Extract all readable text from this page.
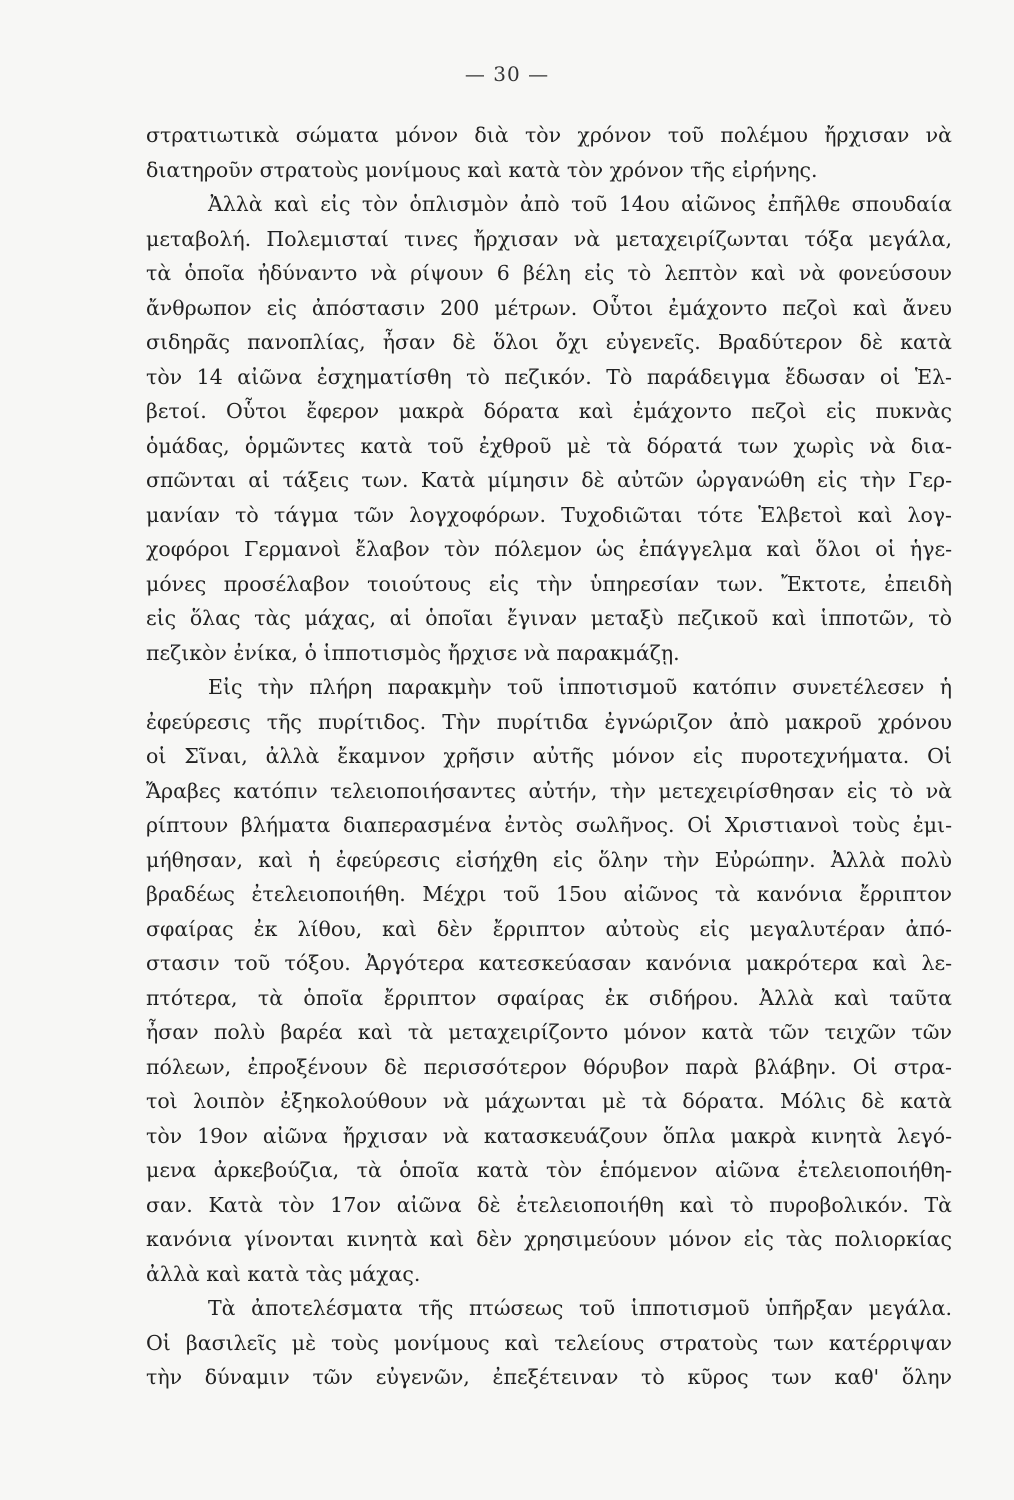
— 30 —
στρατιωτικὰ σώματα μόνον διὰ τὸν χρόνον τοῦ πολέμου ἤρχισαν νὰ
διατηροῦν στρατοὺς μονίμους καὶ κατὰ τὸν χρόνον τῆς εἰρήνης.
Ἀλλὰ καὶ εἰς τὸν ὁπλισμὸν ἀπὸ τοῦ 14ου αἰῶνος ἐπῆλθε σπουδαία
μεταβολή. Πολεμισταί τινες ἤρχισαν νὰ μεταχειρίζωνται τόξα μεγάλα,
τὰ ὁποῖα ἠδύναντο νὰ ρίψουν 6 βέλη εἰς τὸ λεπτὸν καὶ νὰ φονεύσουν
ἄνθρωπον εἰς ἀπόστασιν 200 μέτρων. Οὗτοι ἐμάχοντο πεζοὶ καὶ ἄνευ
σιδηρᾶς πανοπλίας, ἦσαν δὲ ὅλοι ὄχι εὐγενεῖς. Βραδύτερον δὲ κατὰ
τὸν 14 αἰῶνα ἐσχηματίσθη τὸ πεζικόν. Τὸ παράδειγμα ἔδωσαν οἱ Ἑλ-
βετοί. Οὗτοι ἔφερον μακρὰ δόρατα καὶ ἐμάχοντο πεζοὶ εἰς πυκνὰς
ὁμάδας, ὁρμῶντες κατὰ τοῦ ἐχθροῦ μὲ τὰ δόρατά των χωρὶς νὰ δια-
σπῶνται αἱ τάξεις των. Κατὰ μίμησιν δὲ αὐτῶν ὠργανώθη εἰς τὴν Γερ-
μανίαν τὸ τάγμα τῶν λογχοφόρων. Τυχοδιῶται τότε Ἑλβετοὶ καὶ λογ-
χοφόροι Γερμανοὶ ἔλαβον τὸν πόλεμον ὡς ἐπάγγελμα καὶ ὅλοι οἱ ἡγε-
μόνες προσέλαβον τοιούτους εἰς τὴν ὑπηρεσίαν των. Ἔκτοτε, ἐπειδὴ
εἰς ὅλας τὰς μάχας, αἱ ὁποῖαι ἔγιναν μεταξὺ πεζικοῦ καὶ ἱπποτῶν, τὸ
πεζικὸν ἐνίκα, ὁ ἱπποτισμὸς ἤρχισε νὰ παρακμάζῃ.
Εἰς τὴν πλήρη παρακμὴν τοῦ ἱπποτισμοῦ κατόπιν συνετέλεσεν ἡ
ἐφεύρεσις τῆς πυρίτιδος. Τὴν πυρίτιδα ἐγνώριζον ἀπὸ μακροῦ χρόνου
οἱ Σῖναι, ἀλλὰ ἔκαμνον χρῆσιν αὐτῆς μόνον εἰς πυροτεχνήματα. Οἱ
Ἄραβες κατόπιν τελειοποιήσαντες αὐτήν, τὴν μετεχειρίσθησαν εἰς τὸ νὰ
ρίπτουν βλήματα διαπερασμένα ἐντὸς σωλῆνος. Οἱ Χριστιανοὶ τοὺς ἐμι-
μήθησαν, καὶ ἡ ἐφεύρεσις εἰσήχθη εἰς ὅλην τὴν Εὐρώπην. Ἀλλὰ πολὺ
βραδέως ἐτελειοποιήθη. Μέχρι τοῦ 15ου αἰῶνος τὰ κανόνια ἔρριπτον
σφαίρας ἐκ λίθου, καὶ δὲν ἔρριπτον αὐτοὺς εἰς μεγαλυτέραν ἀπό-
στασιν τοῦ τόξου. Ἀργότερα κατεσκεύασαν κανόνια μακρότερα καὶ λε-
πτότερα, τὰ ὁποῖα ἔρριπτον σφαίρας ἐκ σιδήρου. Ἀλλὰ καὶ ταῦτα
ἦσαν πολὺ βαρέα καὶ τὰ μεταχειρίζοντο μόνον κατὰ τῶν τειχῶν τῶν
πόλεων, ἐπροξένουν δὲ περισσότερον θόρυβον παρὰ βλάβην. Οἱ στρα-
τοὶ λοιπὸν ἐξηκολούθουν νὰ μάχωνται μὲ τὰ δόρατα. Μόλις δὲ κατὰ
τὸν 19ον αἰῶνα ἤρχισαν νὰ κατασκευάζουν ὅπλα μακρὰ κινητὰ λεγό-
μενα ἀρκεβούζια, τὰ ὁποῖα κατὰ τὸν ἑπόμενον αἰῶνα ἐτελειοποιήθη-
σαν. Κατὰ τὸν 17ον αἰῶνα δὲ ἐτελειοποιήθη καὶ τὸ πυροβολικόν. Τὰ
κανόνια γίνονται κινητὰ καὶ δὲν χρησιμεύουν μόνον εἰς τὰς πολιορκίας
ἀλλὰ καὶ κατὰ τὰς μάχας.
Τὰ ἀποτελέσματα τῆς πτώσεως τοῦ ἱπποτισμοῦ ὑπῆρξαν μεγάλα.
Οἱ βασιλεῖς μὲ τοὺς μονίμους καὶ τελείους στρατοὺς των κατέρριψαν
τὴν δύναμιν τῶν εὐγενῶν, ἐπεξέτειναν τὸ κῦρος των καθ' ὅλην
